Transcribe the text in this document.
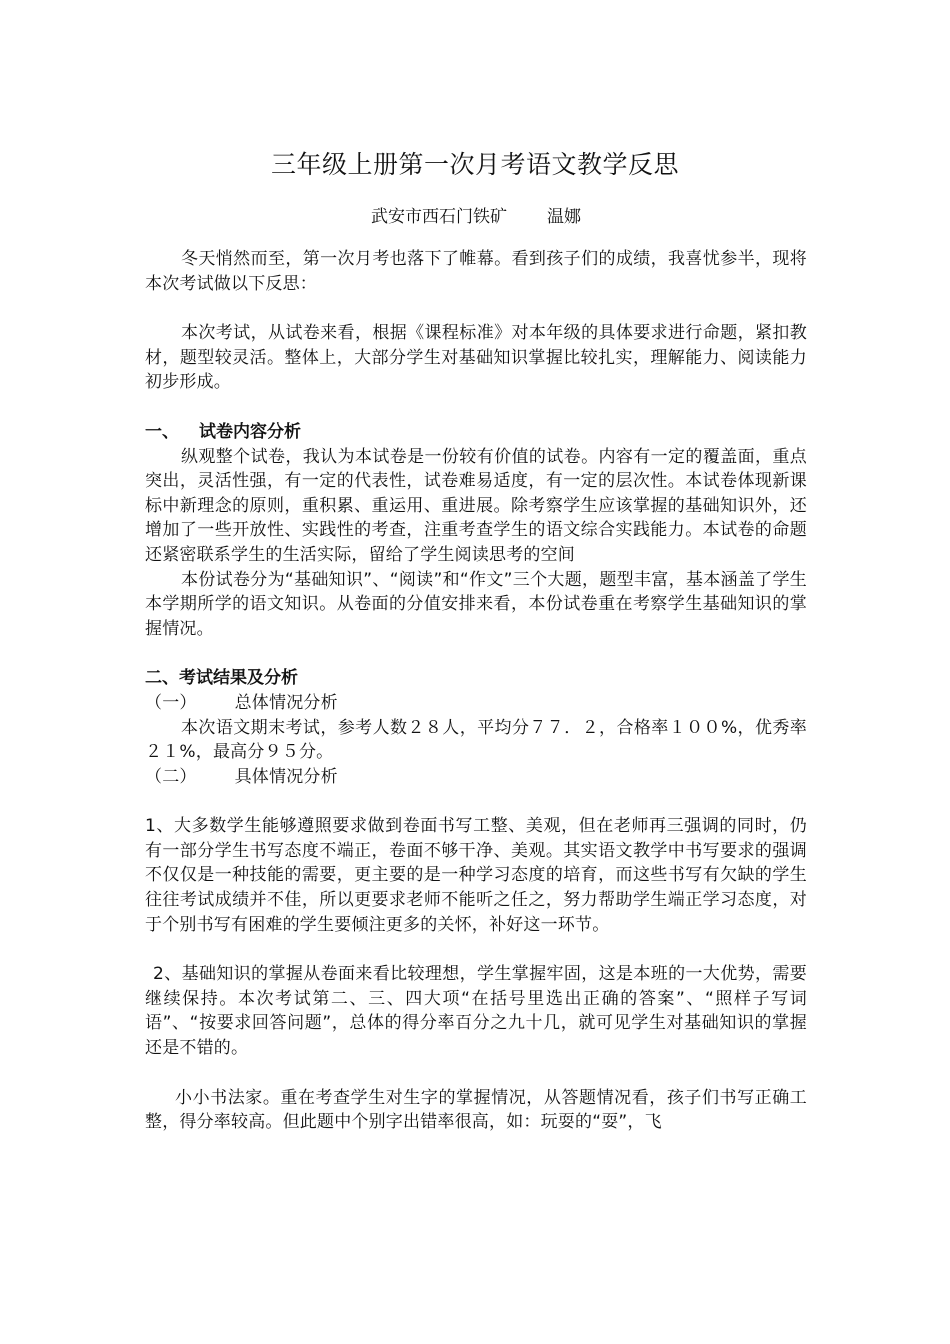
三年级上册第一次月考语文教学反思
武安市西石门铁矿 温娜

冬天悄然而至，第一次月考也落下了帷幕。看到孩子们的成绩，我喜忧参半，现将本次考试做以下反思：

本次考试，从试卷来看，根据《课程标准》对本年级的具体要求进行命题，紧扣教材，题型较灵活。整体上，大部分学生对基础知识掌握比较扎实，理解能力、阅读能力初步形成。

一、 试卷内容分析

纵观整个试卷，我认为本试卷是一份较有价值的试卷。内容有一定的覆盖面，重点突出，灵活性强，有一定的代表性，试卷难易适度，有一定的层次性。本试卷体现新课标中新理念的原则，重积累、重运用、重进展。除考察学生应该掌握的基础知识外，还增加了一些开放性、实践性的考查，注重考查学生的语文综合实践能力。本试卷的命题还紧密联系学生的生活实际，留给了学生阅读思考的空间

本份试卷分为“基础知识”、“阅读”和“作文”三个大题，题型丰富，基本涵盖了学生本学期所学的语文知识。从卷面的分值安排来看，本份试卷重在考察学生基础知识的掌握情况。

二、考试结果及分析

（一） 总体情况分析

本次语文期末考试，参考人数２８人，平均分７７．２，合格率１００%，优秀率２１%，最高分９５分。

（二） 具体情况分析

1、大多数学生能够遵照要求做到卷面书写工整、美观，但在老师再三强调的同时，仍有一部分学生书写态度不端正，卷面不够干净、美观。其实语文教学中书写要求的强调不仅仅是一种技能的需要，更主要的是一种学习态度的培育，而这些书写有欠缺的学生往往考试成绩并不佳，所以更要求老师不能听之任之，努力帮助学生端正学习态度，对于个别书写有困难的学生要倾注更多的关怀，补好这一环节。

2、基础知识的掌握从卷面来看比较理想，学生掌握牢固，这是本班的一大优势，需要继续保持。本次考试第二、三、四大项“在括号里选出正确的答案”、“照样子写词语”、“按要求回答问题”，总体的得分率百分之九十几，就可见学生对基础知识的掌握还是不错的。

小小书法家。重在考查学生对生字的掌握情况，从答题情况看，孩子们书写正确工整，得分率较高。但此题中个别字出错率很高，如：玩耍的“耍”，飞
